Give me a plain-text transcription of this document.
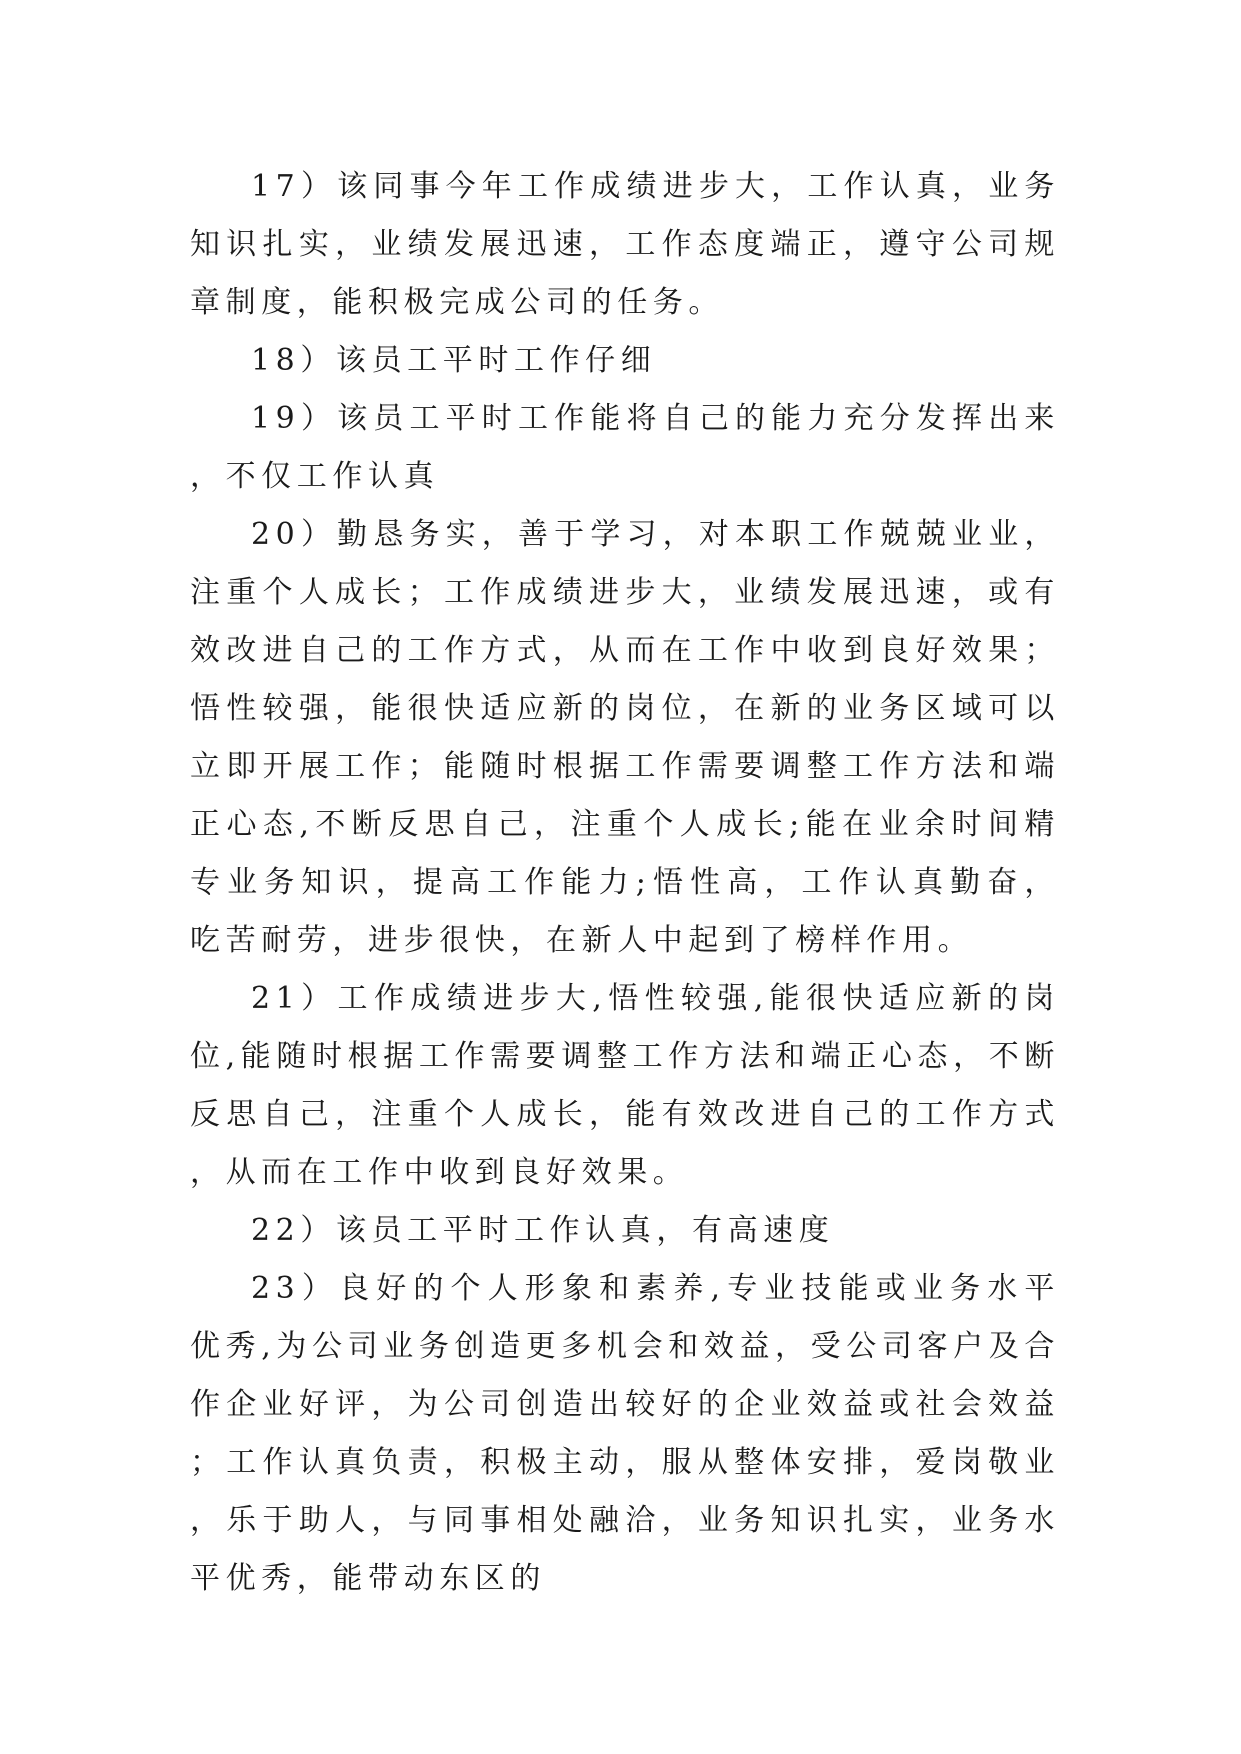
17）该同事今年工作成绩进步大，工作认真，业务知识扎实，业绩发展迅速，工作态度端正，遵守公司规章制度，能积极完成公司的任务。

18）该员工平时工作仔细

19）该员工平时工作能将自己的能力充分发挥出来，不仅工作认真

20）勤恳务实，善于学习，对本职工作兢兢业业，注重个人成长；工作成绩进步大，业绩发展迅速，或有效改进自己的工作方式，从而在工作中收到良好效果；悟性较强，能很快适应新的岗位，在新的业务区域可以立即开展工作；能随时根据工作需要调整工作方法和端正心态,不断反思自己，注重个人成长;能在业余时间精专业务知识，提高工作能力;悟性高，工作认真勤奋，吃苦耐劳，进步很快，在新人中起到了榜样作用。

21）工作成绩进步大,悟性较强,能很快适应新的岗位,能随时根据工作需要调整工作方法和端正心态，不断反思自己，注重个人成长，能有效改进自己的工作方式，从而在工作中收到良好效果。

22）该员工平时工作认真，有高速度

23）良好的个人形象和素养,专业技能或业务水平优秀,为公司业务创造更多机会和效益，受公司客户及合作企业好评，为公司创造出较好的企业效益或社会效益；工作认真负责，积极主动，服从整体安排，爱岗敬业，乐于助人，与同事相处融洽，业务知识扎实，业务水平优秀，能带动东区的
